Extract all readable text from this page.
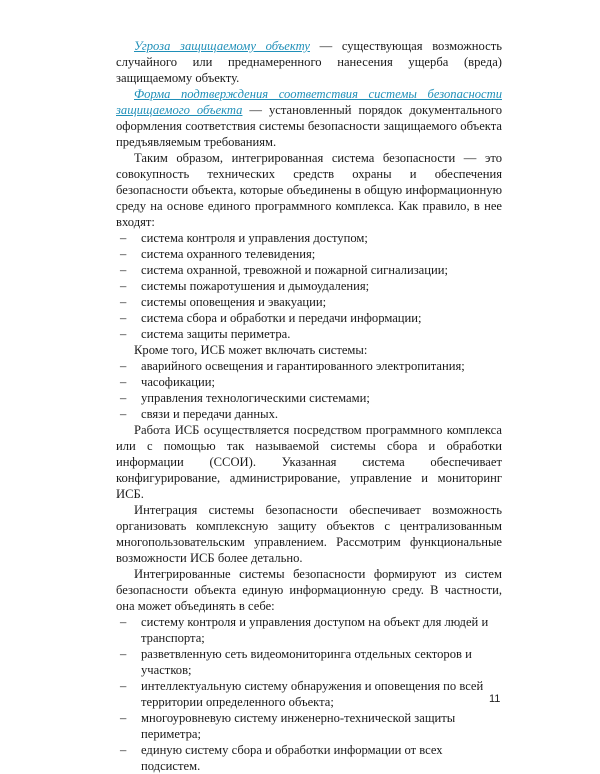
Угроза защищаемому объекту — существующая возможность случайного или преднамеренного нанесения ущерба (вреда) защищаемому объекту.

Форма подтверждения соответствия системы безопасности защищаемого объекта — установленный порядок документального оформления соответствия системы безопасности защищаемого объекта предъявляемым требованиям.

Таким образом, интегрированная система безопасности — это совокупность технических средств охраны и обеспечения безопасности объекта, которые объединены в общую информационную среду на основе единого программного комплекса. Как правило, в нее входят:

– система контроля и управления доступом;
– система охранного телевидения;
– система охранной, тревожной и пожарной сигнализации;
– системы пожаротушения и дымоудаления;
– системы оповещения и эвакуации;
– система сбора и обработки и передачи информации;
– система защиты периметра.

Кроме того, ИСБ может включать системы:

– аварийного освещения и гарантированного электропитания;
– часофикации;
– управления технологическими системами;
– связи и передачи данных.

Работа ИСБ осуществляется посредством программного комплекса или с помощью так называемой системы сбора и обработки информации (ССОИ). Указанная система обеспечивает конфигурирование, администрирование, управление и мониторинг ИСБ.

Интеграция системы безопасности обеспечивает возможность организовать комплексную защиту объектов с централизованным многопользовательским управлением. Рассмотрим функциональные возможности ИСБ более детально.

Интегрированные системы безопасности формируют из систем безопасности объекта единую информационную среду. В частности, она может объединять в себе:

– систему контроля и управления доступом на объект для людей и транспорта;
– разветвленную сеть видеомониторинга отдельных секторов и участков;
– интеллектуальную систему обнаружения и оповещения по всей территории определенного объекта;
– многоуровневую систему инженерно-технической защиты периметра;
– единую систему сбора и обработки информации от всех подсистем.
11
